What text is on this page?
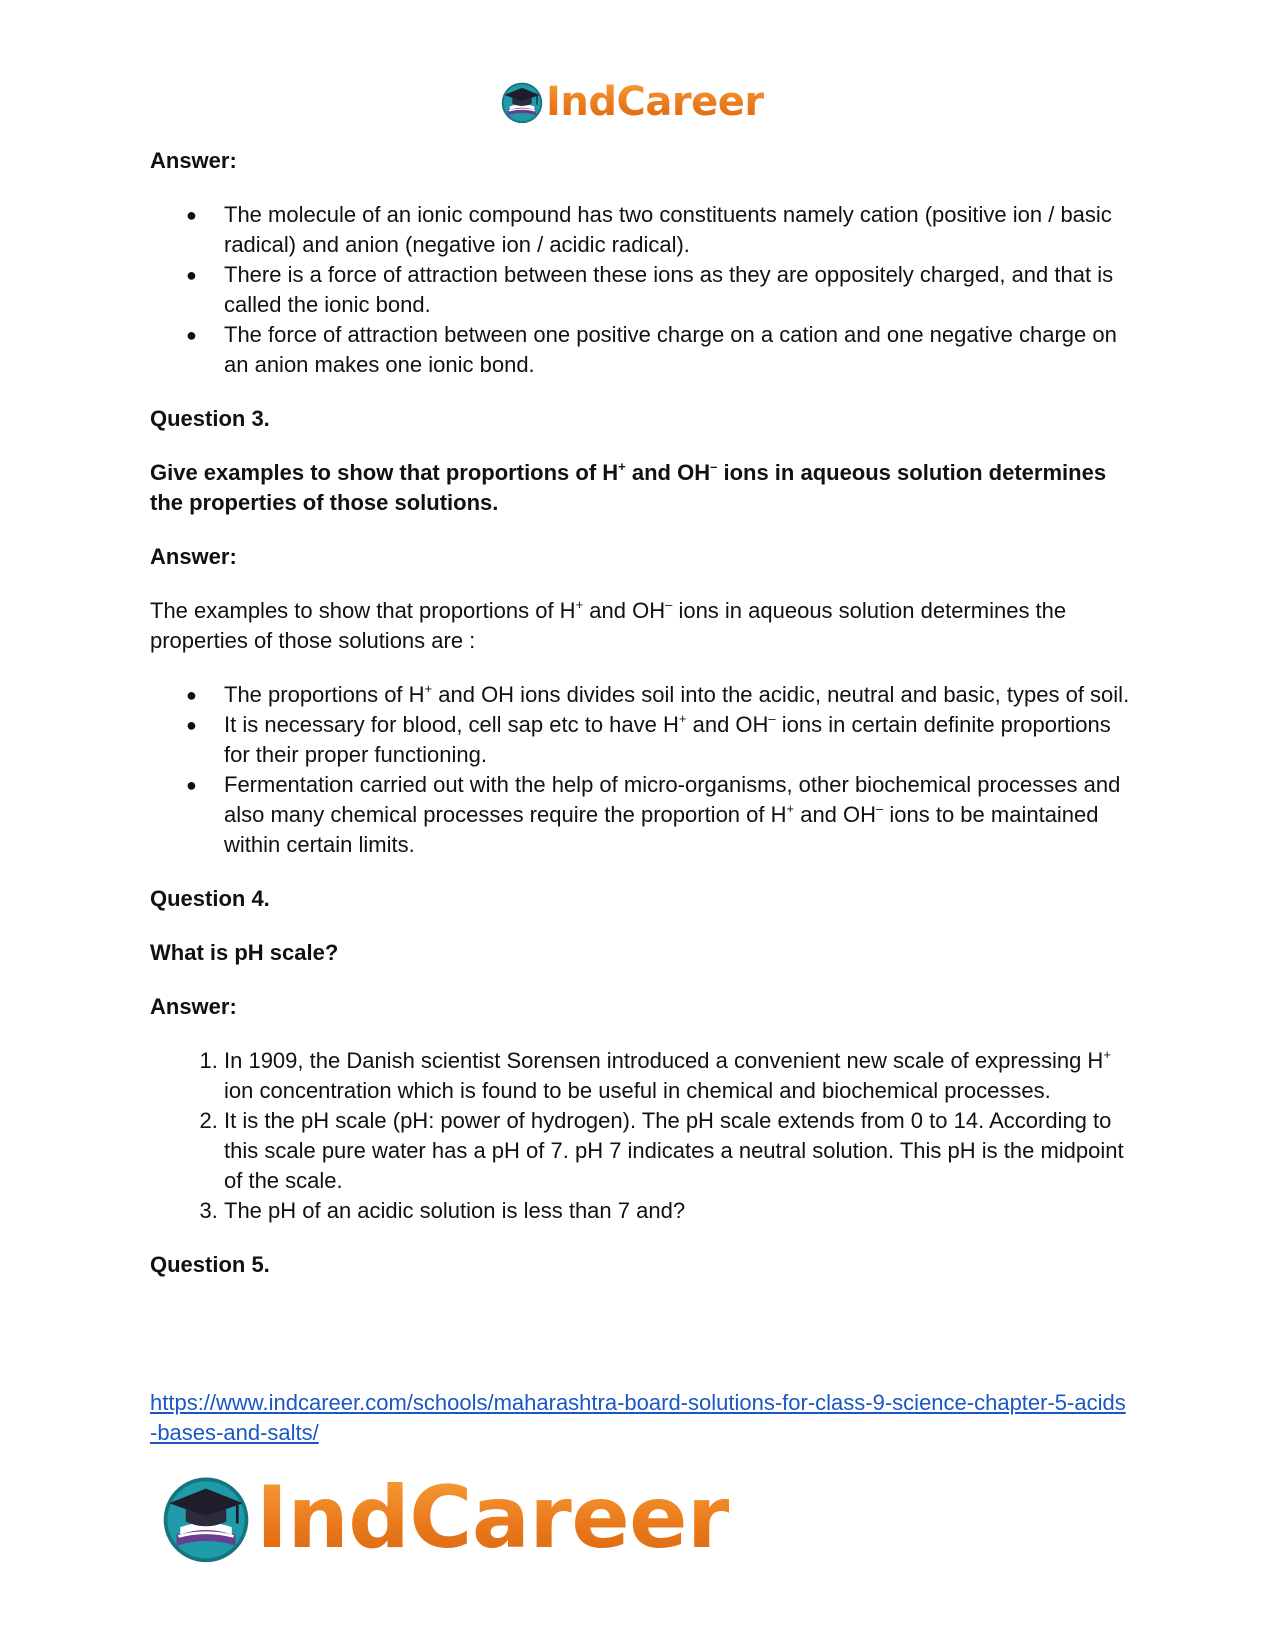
IndCareer

Answer:

● The molecule of an ionic compound has two constituents namely cation (positive ion / basic radical) and anion (negative ion / acidic radical).
● There is a force of attraction between these ions as they are oppositely charged, and that is called the ionic bond.
● The force of attraction between one positive charge on a cation and one negative charge on an anion makes one ionic bond.

Question 3.

Give examples to show that proportions of H+ and OH– ions in aqueous solution determines the properties of those solutions.

Answer:

The examples to show that proportions of H+ and OH– ions in aqueous solution determines the properties of those solutions are :

● The proportions of H+ and OH ions divides soil into the acidic, neutral and basic, types of soil.
● It is necessary for blood, cell sap etc to have H+ and OH– ions in certain definite proportions for their proper functioning.
● Fermentation carried out with the help of micro-organisms, other biochemical processes and also many chemical processes require the proportion of H+ and OH– ions to be maintained within certain limits.

Question 4.

What is pH scale?

Answer:

1. In 1909, the Danish scientist Sorensen introduced a convenient new scale of expressing H+ ion concentration which is found to be useful in chemical and biochemical processes.
2. It is the pH scale (pH: power of hydrogen). The pH scale extends from 0 to 14. According to this scale pure water has a pH of 7. pH 7 indicates a neutral solution. This pH is the midpoint of the scale.
3. The pH of an acidic solution is less than 7 and?

Question 5.

https://www.indcareer.com/schools/maharashtra-board-solutions-for-class-9-science-chapter-5-acids-bases-and-salts/
IndCareer
